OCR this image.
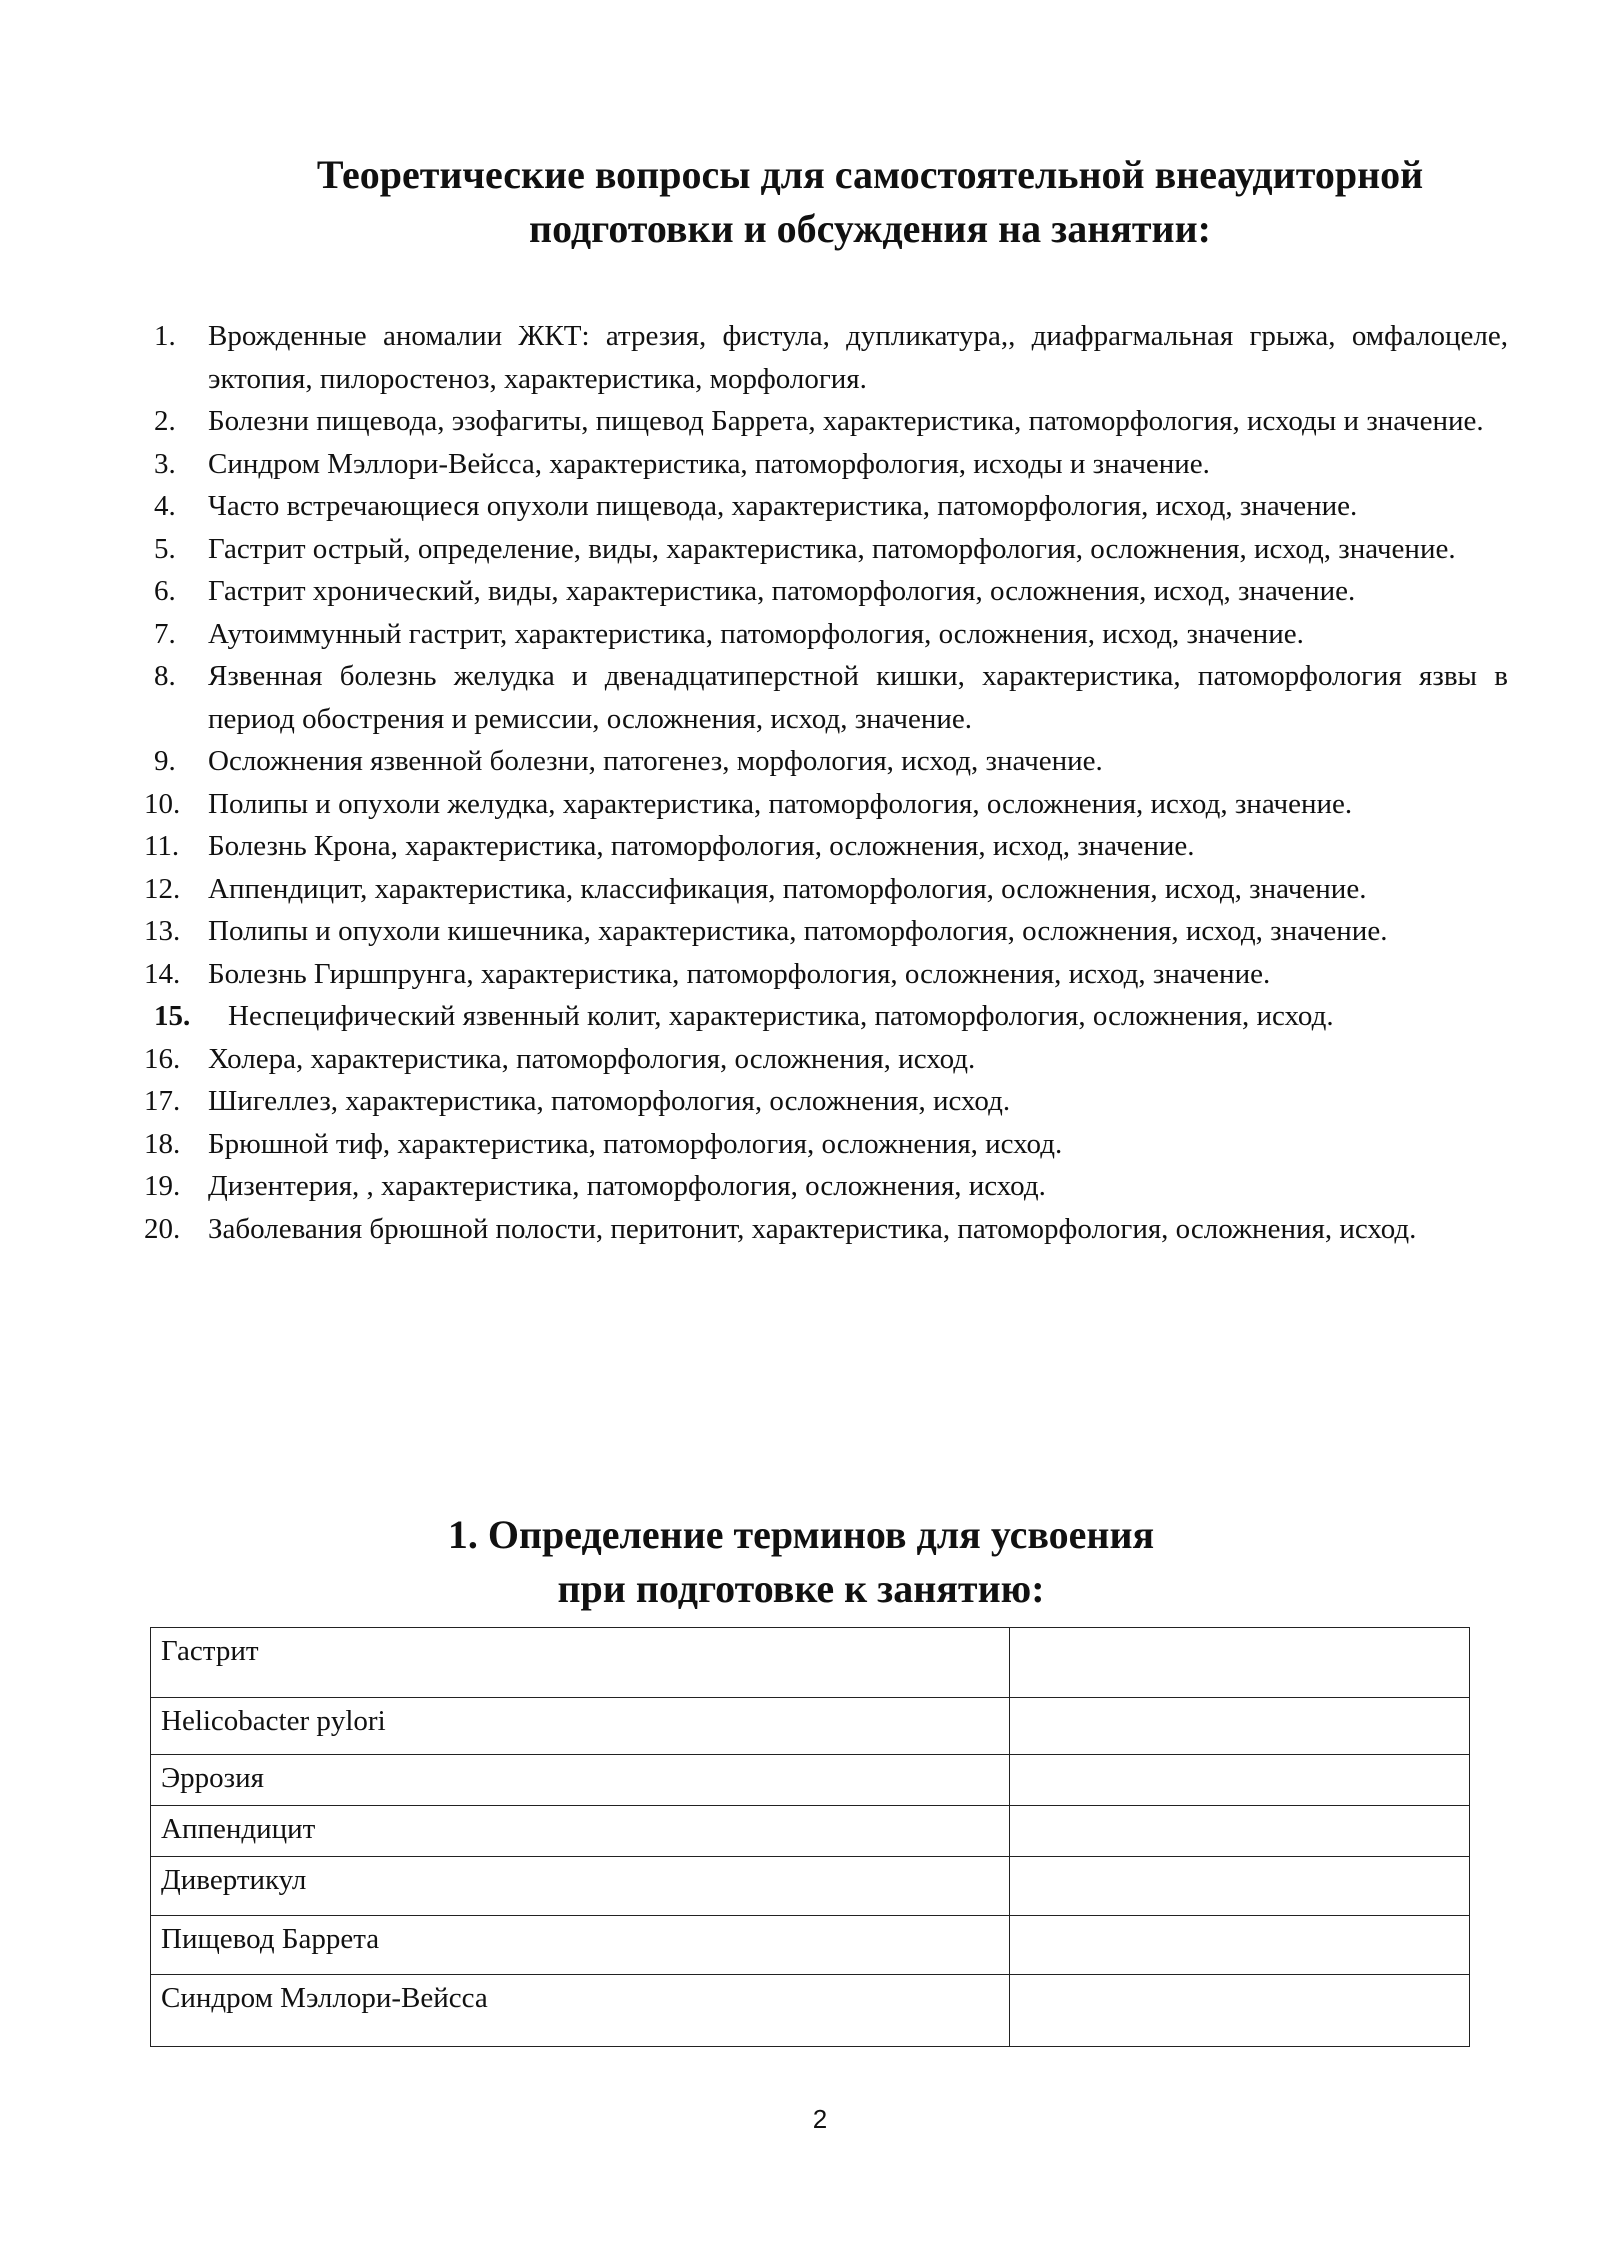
Теоретические вопросы для самостоятельной внеаудиторной
подготовки и обсуждения на занятии:
1.	Врожденные аномалии ЖКТ: атрезия, фистула, дупликатура,, диафрагмальная грыжа, омфалоцеле, эктопия, пилоростеноз, характеристика, морфология.
2.	Болезни пищевода, эзофагиты, пищевод Баррета, характеристика, патоморфология, исходы и значение.
3.	Синдром Мэллори-Вейсса, характеристика, патоморфология, исходы и значение.
4.	Часто встречающиеся опухоли пищевода, характеристика, патоморфология, исход, значение.
5.	Гастрит острый, определение, виды, характеристика, патоморфология, осложнения, исход, значение.
6.	Гастрит хронический, виды, характеристика, патоморфология, осложнения, исход, значение.
7.	Аутоиммунный гастрит, характеристика, патоморфология, осложнения, исход, значение.
8.	Язвенная болезнь желудка и двенадцатиперстной кишки, характеристика, патоморфология язвы в период обострения и ремиссии, осложнения, исход, значение.
9.	Осложнения язвенной болезни, патогенез, морфология, исход, значение.
10. Полипы и опухоли желудка, характеристика, патоморфология, осложнения, исход, значение.
11. Болезнь Крона, характеристика, патоморфология, осложнения, исход, значение.
12. Аппендицит, характеристика, классификация, патоморфология, осложнения, исход, значение.
13. Полипы и опухоли кишечника, характеристика, патоморфология, осложнения, исход, значение.
14. Болезнь Гиршпрунга, характеристика, патоморфология, осложнения, исход, значение.
15.	Неспецифический язвенный колит, характеристика, патоморфология, осложнения, исход.
16. Холера, характеристика, патоморфология, осложнения, исход.
17. Шигеллез, характеристика, патоморфология, осложнения, исход.
18. Брюшной тиф, характеристика, патоморфология, осложнения, исход.
19. Дизентерия, , характеристика, патоморфология, осложнения, исход.
20. Заболевания брюшной полости, перитонит, характеристика, патоморфология, осложнения, исход.
1. Определение терминов для усвоения
при подготовке к занятию:
Гастрит	
Helicobacter pylori	
Эррозия	
Аппендицит	
Дивертикул	
Пищевод Баррета	
Синдром Мэллори-Вейсса	
2
